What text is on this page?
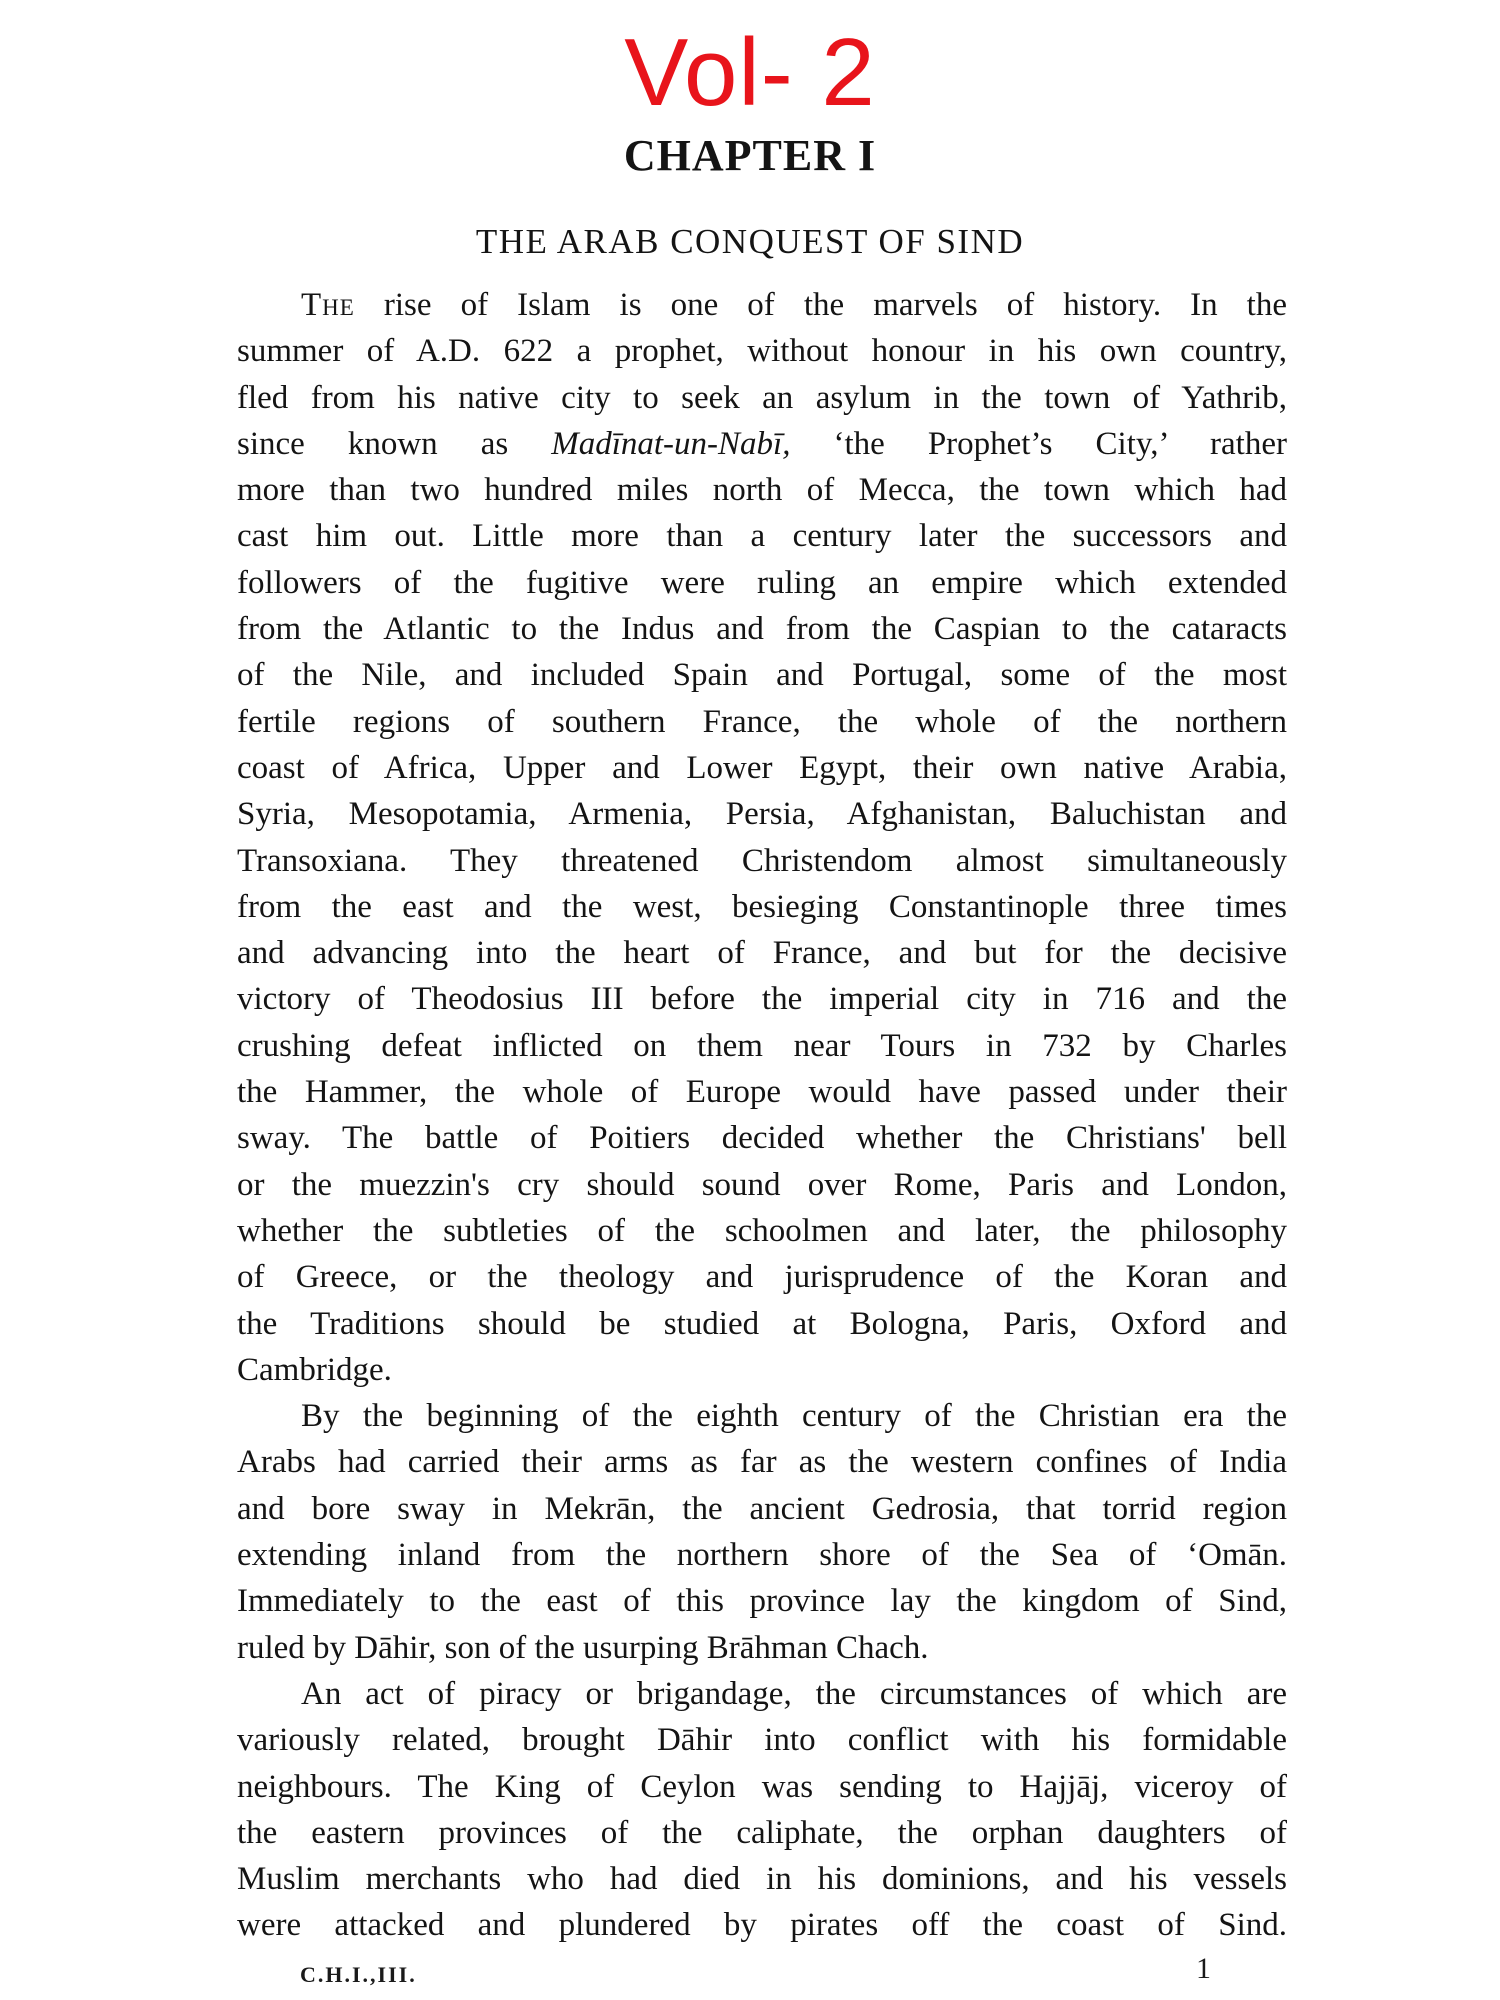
Vol- 2
CHAPTER I
THE ARAB CONQUEST OF SIND
The rise of Islam is one of the marvels of history. In the
summer of A.D. 622 a prophet, without honour in his own country,
fled from his native city to seek an asylum in the town of Yathrib,
since known as Madīnat-un-Nabī, ‘the Prophet’s City,’ rather
more than two hundred miles north of Mecca, the town which had
cast him out. Little more than a century later the successors and
followers of the fugitive were ruling an empire which extended
from the Atlantic to the Indus and from the Caspian to the cataracts
of the Nile, and included Spain and Portugal, some of the most
fertile regions of southern France, the whole of the northern
coast of Africa, Upper and Lower Egypt, their own native Arabia,
Syria, Mesopotamia, Armenia, Persia, Afghanistan, Baluchistan and
Transoxiana. They threatened Christendom almost simultaneously
from the east and the west, besieging Constantinople three times
and advancing into the heart of France, and but for the decisive
victory of Theodosius III before the imperial city in 716 and the
crushing defeat inflicted on them near Tours in 732 by Charles
the Hammer, the whole of Europe would have passed under their
sway. The battle of Poitiers decided whether the Christians' bell
or the muezzin's cry should sound over Rome, Paris and London,
whether the subtleties of the schoolmen and later, the philosophy
of Greece, or the theology and jurisprudence of the Koran and
the Traditions should be studied at Bologna, Paris, Oxford and
Cambridge.
By the beginning of the eighth century of the Christian era the
Arabs had carried their arms as far as the western confines of India
and bore sway in Mekrān, the ancient Gedrosia, that torrid region
extending inland from the northern shore of the Sea of ‘Omān.
Immediately to the east of this province lay the kingdom of Sind,
ruled by Dāhir, son of the usurping Brāhman Chach.
An act of piracy or brigandage, the circumstances of which are
variously related, brought Dāhir into conflict with his formidable
neighbours. The King of Ceylon was sending to Hajjāj, viceroy of
the eastern provinces of the caliphate, the orphan daughters of
Muslim merchants who had died in his dominions, and his vessels
were attacked and plundered by pirates off the coast of Sind.
C.H.I.,III.	1
